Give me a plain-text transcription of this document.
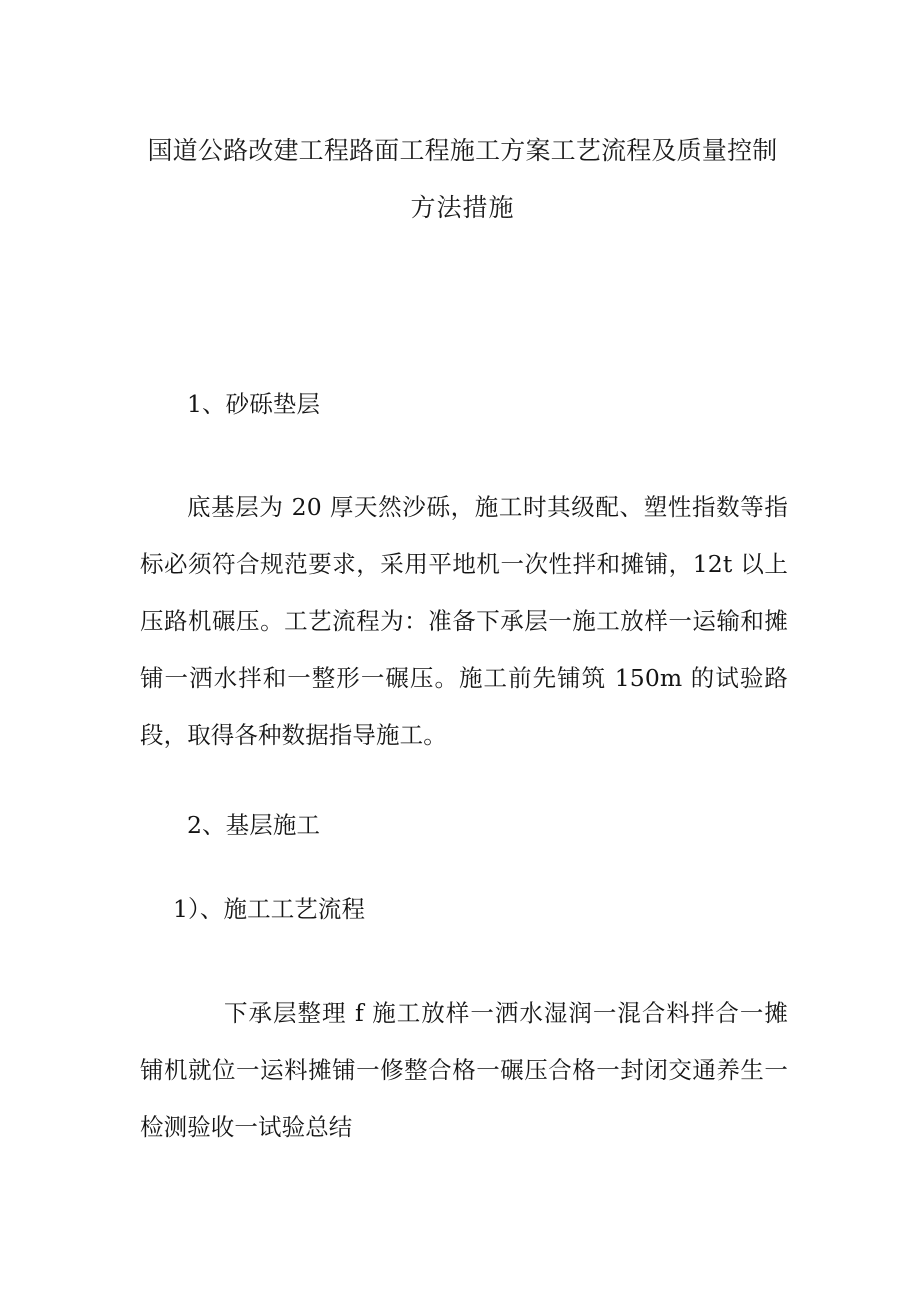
国道公路改建工程路面工程施工方案工艺流程及质量控制
方法措施

1、砂砾垫层

底基层为 20 厚天然沙砾，施工时其级配、塑性指数等指标必须符合规范要求，采用平地机一次性拌和摊铺，12t 以上压路机碾压。工艺流程为：准备下承层一施工放样一运输和摊铺一洒水拌和一整形一碾压。施工前先铺筑 150m 的试验路段，取得各种数据指导施工。

2、基层施工

1）、施工工艺流程

下承层整理 f 施工放样一洒水湿润一混合料拌合一摊铺机就位一运料摊铺一修整合格一碾压合格一封闭交通养生一检测验收一试验总结
